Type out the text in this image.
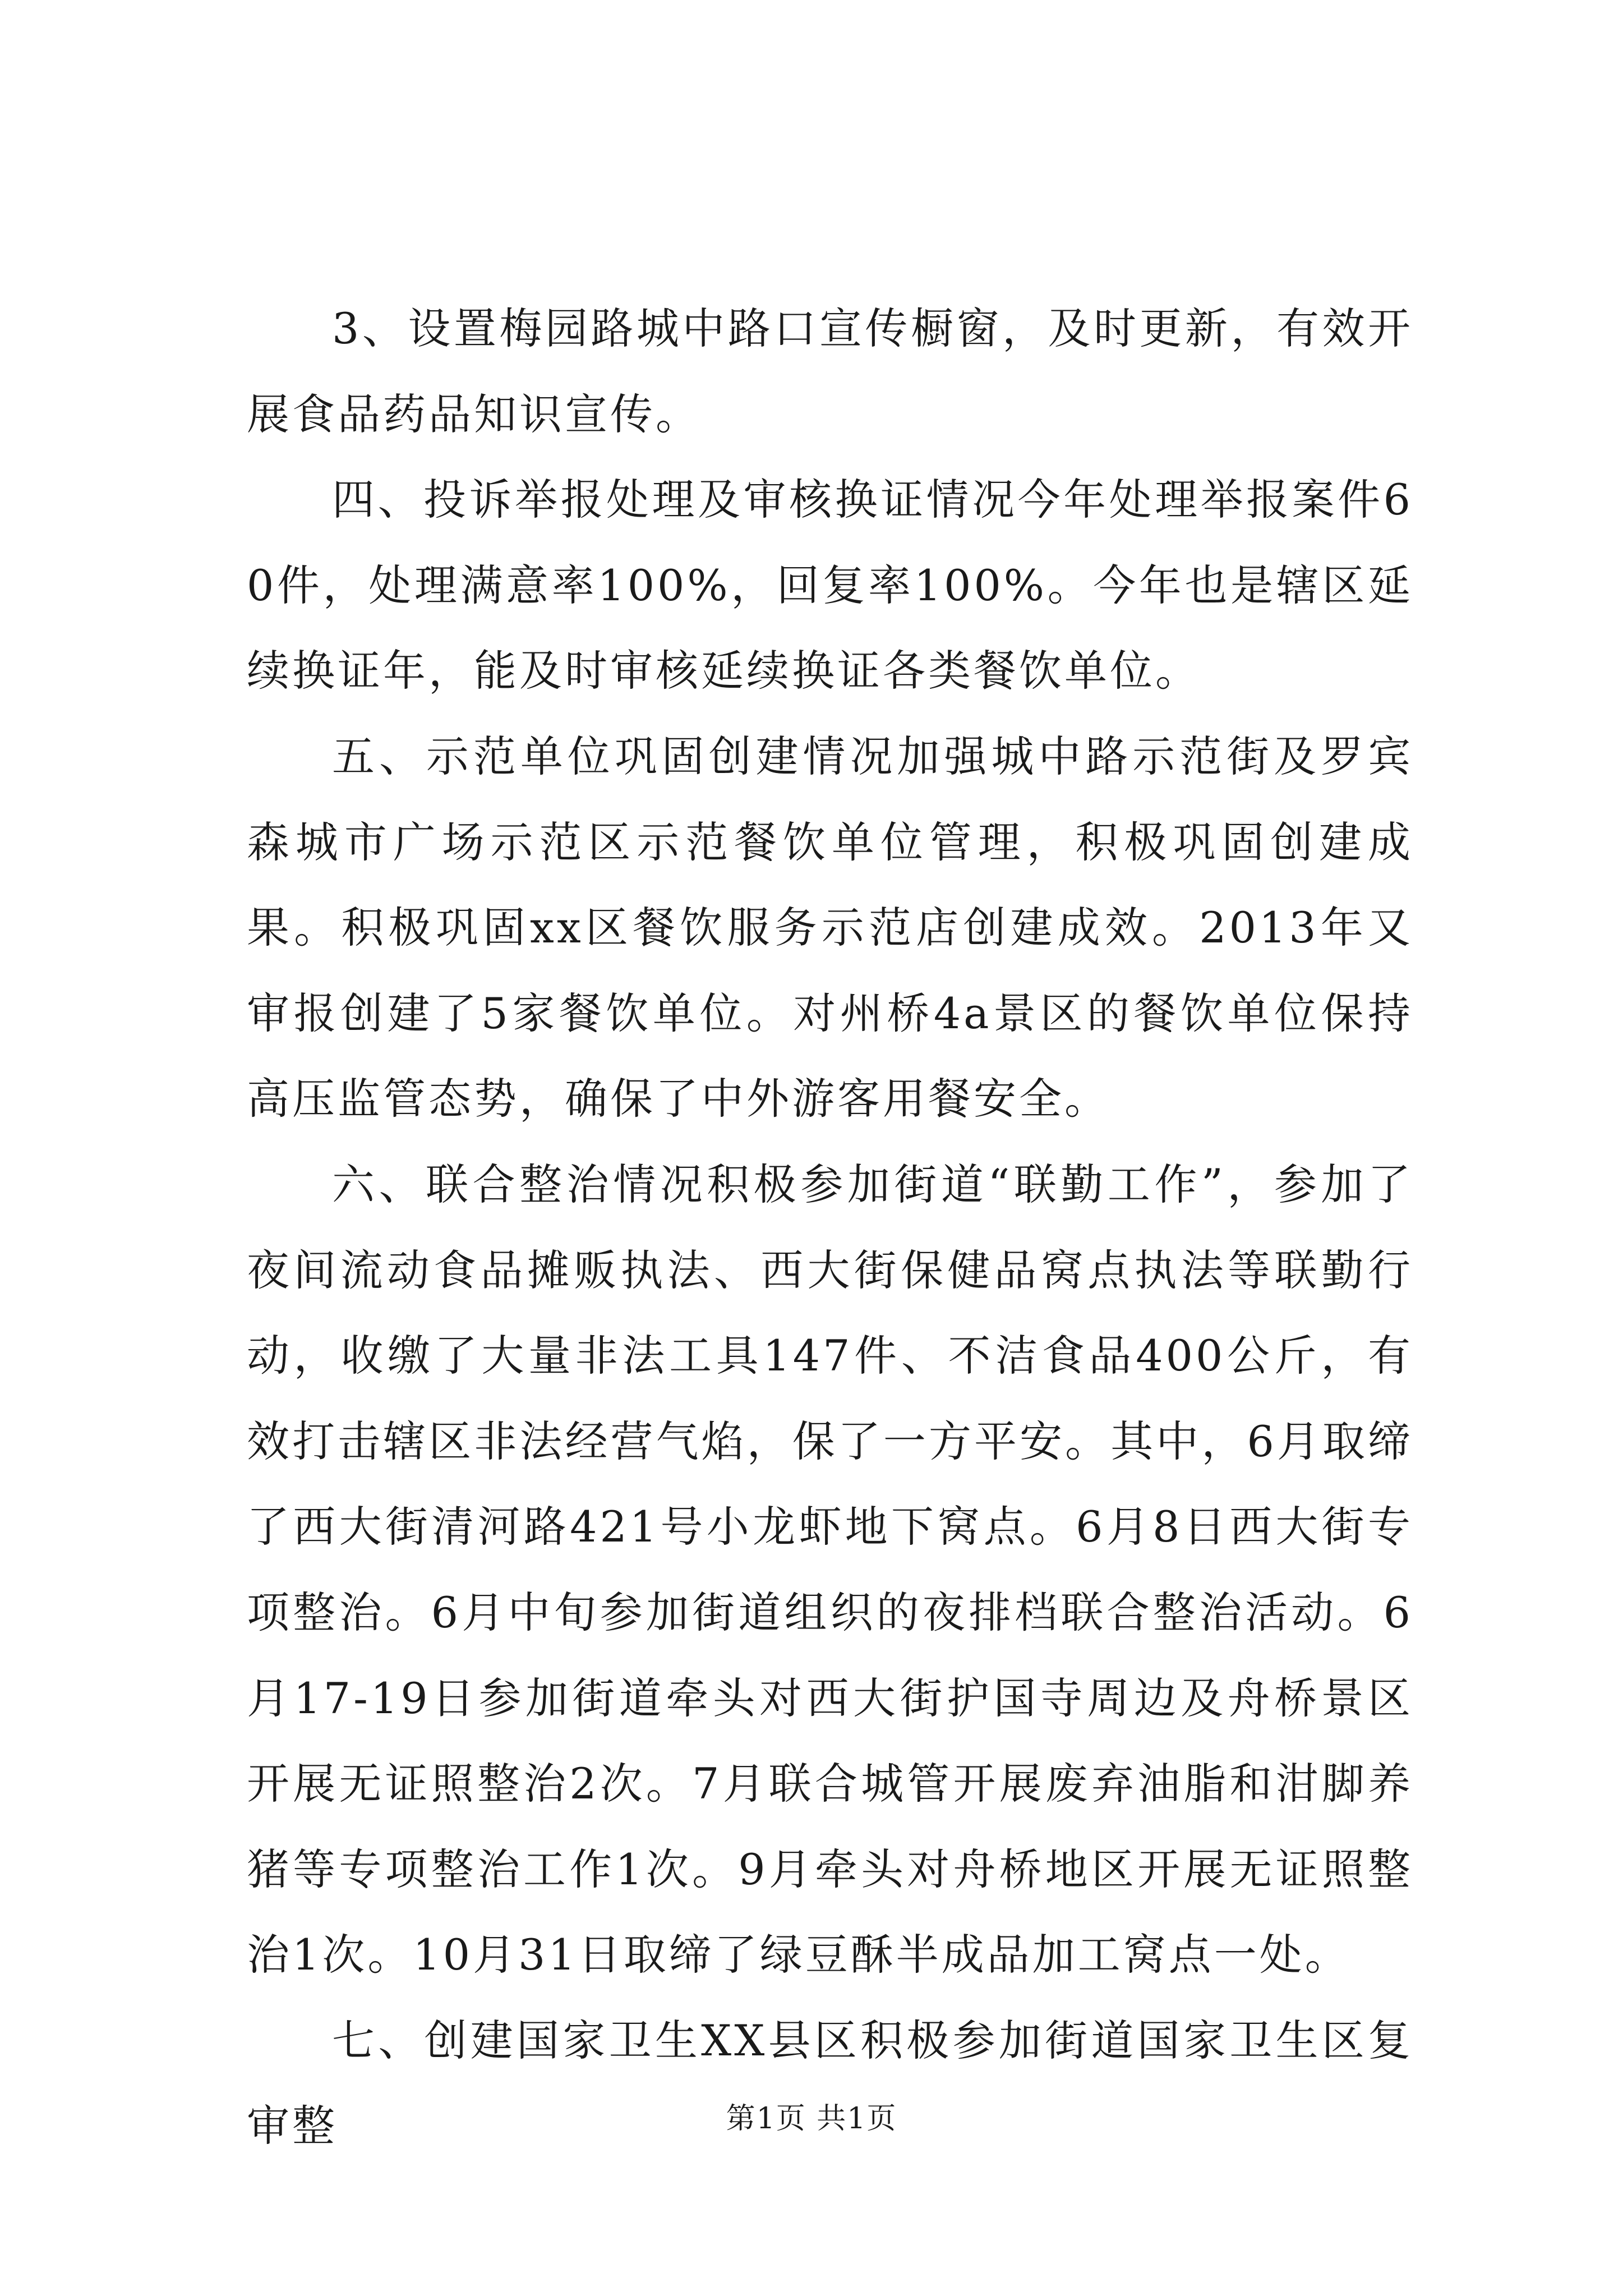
3、设置梅园路城中路口宣传橱窗，及时更新，有效开展食品药品知识宣传。

四、投诉举报处理及审核换证情况今年处理举报案件60件，处理满意率100%，回复率100%。今年也是辖区延续换证年，能及时审核延续换证各类餐饮单位。

五、示范单位巩固创建情况加强城中路示范街及罗宾森城市广场示范区示范餐饮单位管理，积极巩固创建成果。积极巩固xx区餐饮服务示范店创建成效。2013年又审报创建了5家餐饮单位。对州桥4a景区的餐饮单位保持高压监管态势，确保了中外游客用餐安全。

六、联合整治情况积极参加街道“联勤工作”，参加了夜间流动食品摊贩执法、西大街保健品窝点执法等联勤行动，收缴了大量非法工具147件、不洁食品400公斤，有效打击辖区非法经营气焰，保了一方平安。其中，6月取缔了西大街清河路421号小龙虾地下窝点。6月8日西大街专项整治。6月中旬参加街道组织的夜排档联合整治活动。6月17-19日参加街道牵头对西大街护国寺周边及舟桥景区开展无证照整治2次。7月联合城管开展废弃油脂和泔脚养猪等专项整治工作1次。9月牵头对舟桥地区开展无证照整治1次。10月31日取缔了绿豆酥半成品加工窝点一处。

七、创建国家卫生XX县区积极参加街道国家卫生区复审整	第1页 共1页
